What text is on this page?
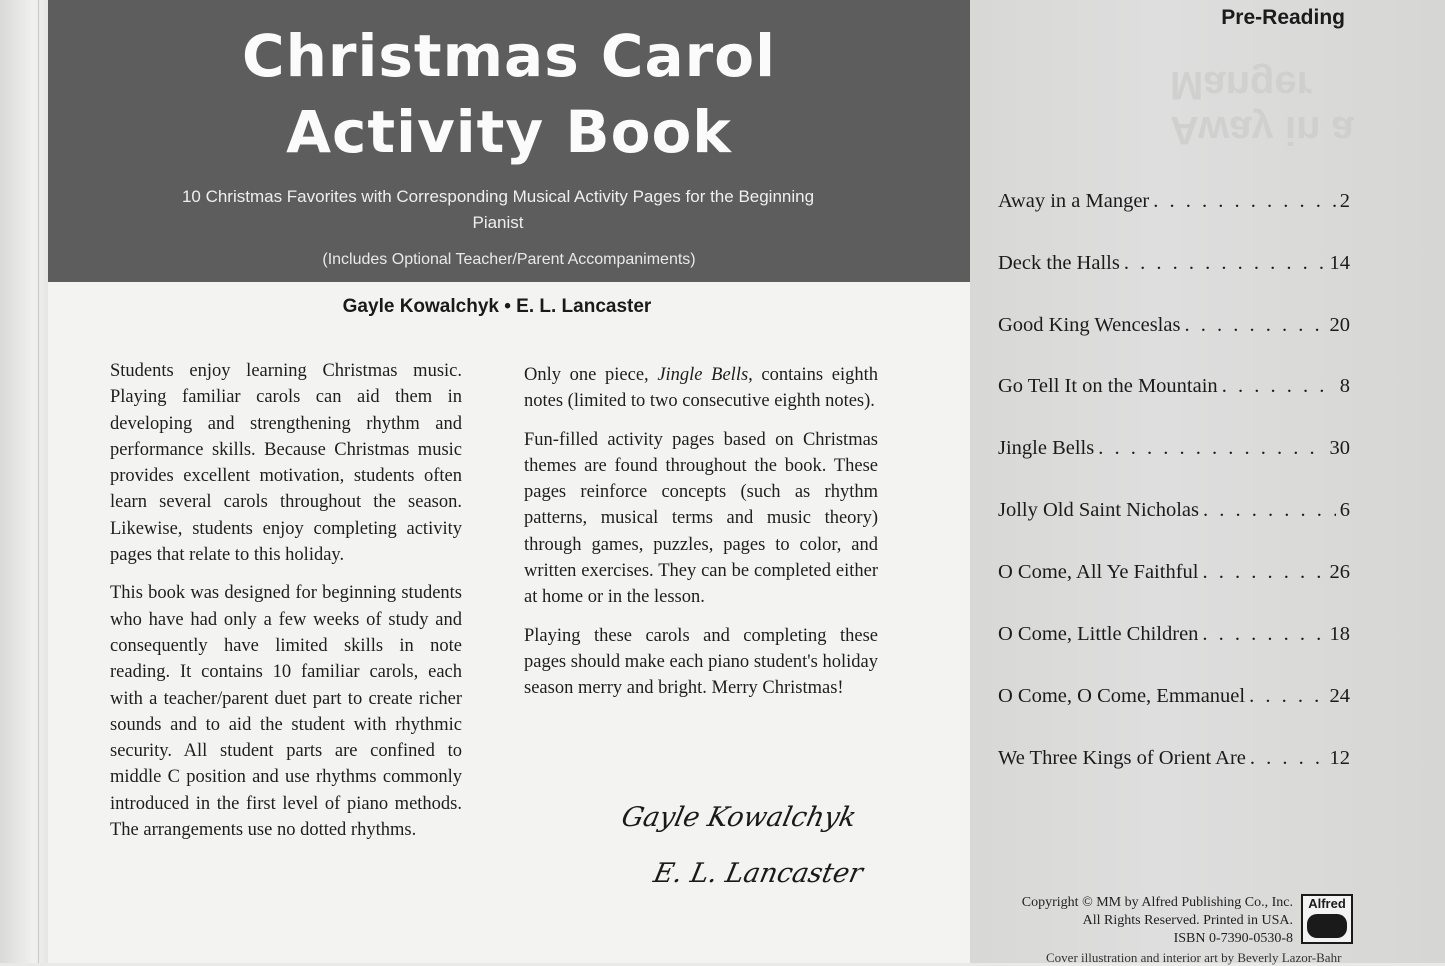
Christmas Carol
Activity Book
10 Christmas Favorites with Corresponding Musical Activity Pages for the Beginning Pianist
(Includes Optional Teacher/Parent Accompaniments)
Gayle Kowalchyk • E. L. Lancaster

Students enjoy learning Christmas music. Playing familiar carols can aid them in developing and strengthening rhythm and performance skills. Because Christmas music provides excellent motivation, students often learn several carols throughout the season. Likewise, students enjoy completing activity pages that relate to this holiday.

This book was designed for beginning students who have had only a few weeks of study and consequently have limited skills in note reading. It contains 10 familiar carols, each with a teacher/parent duet part to create richer sounds and to aid the student with rhythmic security. All student parts are confined to middle C position and use rhythms commonly introduced in the first level of piano methods. The arrangements use no dotted rhythms.

Only one piece, Jingle Bells, contains eighth notes (limited to two consecutive eighth notes).

Fun-filled activity pages based on Christmas themes are found throughout the book. These pages reinforce concepts (such as rhythm patterns, musical terms and music theory) through games, puzzles, pages to color, and written exercises. They can be completed either at home or in the lesson.

Playing these carols and completing these pages should make each piano student's holiday season merry and bright. Merry Christmas!

Gayle Kowalchyk
E. L. Lancaster
Away in a Manger
Pre-Reading
Away in a Manger . . .	2
Deck the Halls . . .	14
Good King Wenceslas . . .	20
Go Tell It on the Mountain . . .	8
Jingle Bells . . .	30
Jolly Old Saint Nicholas . . .	6
O Come, All Ye Faithful . . .	26
O Come, Little Children . . .	18
O Come, O Come, Emmanuel . . .	24
We Three Kings of Orient Are . . .	12
Copyright © MM by Alfred Publishing Co., Inc.
All Rights Reserved. Printed in USA.
ISBN 0-7390-0530-8
Alfred
Cover illustration and interior art by Beverly Lazor-Bahr
